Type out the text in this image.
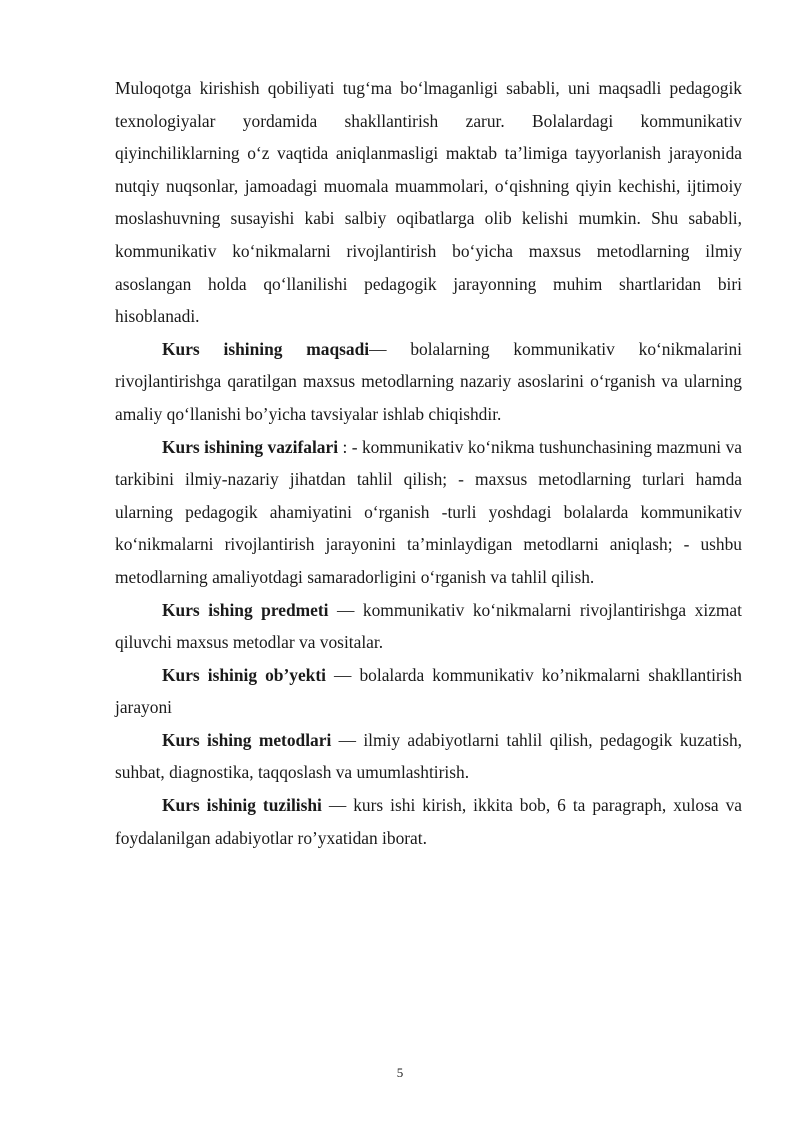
Muloqotga kirishish qobiliyati tug‘ma bo‘lmaganligi sababli, uni maqsadli pedagogik texnologiyalar yordamida shakllantirish zarur. Bolalardagi kommunikativ qiyinchiliklarning o‘z vaqtida aniqlanmasligi maktab ta’limiga tayyorlanish jarayonida nutqiy nuqsonlar, jamoadagi muomala muammolari, o‘qishning qiyin kechishi, ijtimoiy moslashuvning susayishi kabi salbiy oqibatlarga olib kelishi mumkin. Shu sababli, kommunikativ ko‘nikmalarni rivojlantirish bo‘yicha maxsus metodlarning ilmiy asoslangan holda qo‘llanilishi pedagogik jarayonning muhim shartlaridan biri hisoblanadi.

Kurs ishining maqsadi— bolalarning kommunikativ ko‘nikmalarini rivojlantirishga qaratilgan maxsus metodlarning nazariy asoslarini o‘rganish va ularning amaliy qo‘llanishi bo’yicha tavsiyalar ishlab chiqishdir.

Kurs ishining vazifalari : - kommunikativ ko‘nikma tushunchasining mazmuni va tarkibini ilmiy-nazariy jihatdan tahlil qilish; - maxsus metodlarning turlari hamda ularning pedagogik ahamiyatini o‘rganish -turli yoshdagi bolalarda kommunikativ ko‘nikmalarni rivojlantirish jarayonini ta’minlaydigan metodlarni aniqlash; - ushbu metodlarning amaliyotdagi samaradorligini o‘rganish va tahlil qilish.

Kurs ishing predmeti — kommunikativ ko‘nikmalarni rivojlantirishga xizmat qiluvchi maxsus metodlar va vositalar.

Kurs ishinig ob’yekti — bolalarda kommunikativ ko’nikmalarni shakllantirish jarayoni

Kurs ishing metodlari — ilmiy adabiyotlarni tahlil qilish, pedagogik kuzatish, suhbat, diagnostika, taqqoslash va umumlashtirish.

Kurs ishinig tuzilishi — kurs ishi kirish, ikkita bob, 6 ta paragraph, xulosa va foydalanilgan adabiyotlar ro’yxatidan iborat.

5
